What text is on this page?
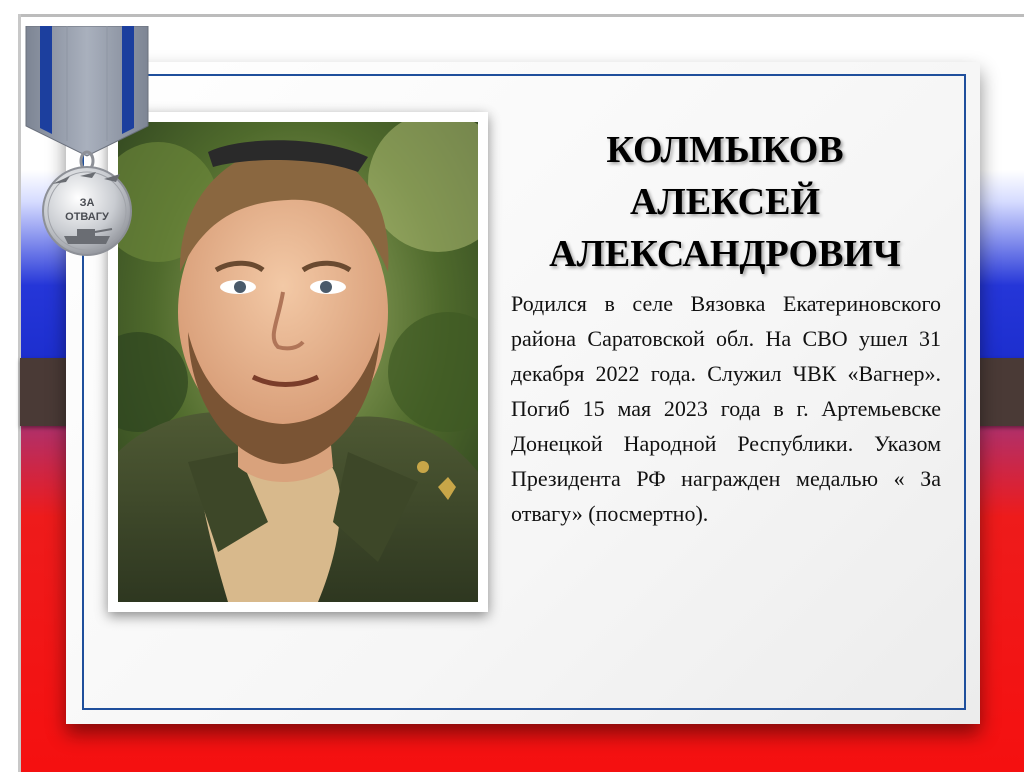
ЗА
ОТВАГУ
КОЛМЫКОВ
АЛЕКСЕЙ
АЛЕКСАНДРОВИЧ

Родился в селе Вязовка Екатериновского района Саратовской обл. На СВО ушел 31 декабря 2022 года. Служил ЧВК «Вагнер». Погиб 15 мая 2023 года в г. Артемьевске Донецкой Народной Республики. Указом Президента РФ награжден медалью « За отвагу» (посмертно).
